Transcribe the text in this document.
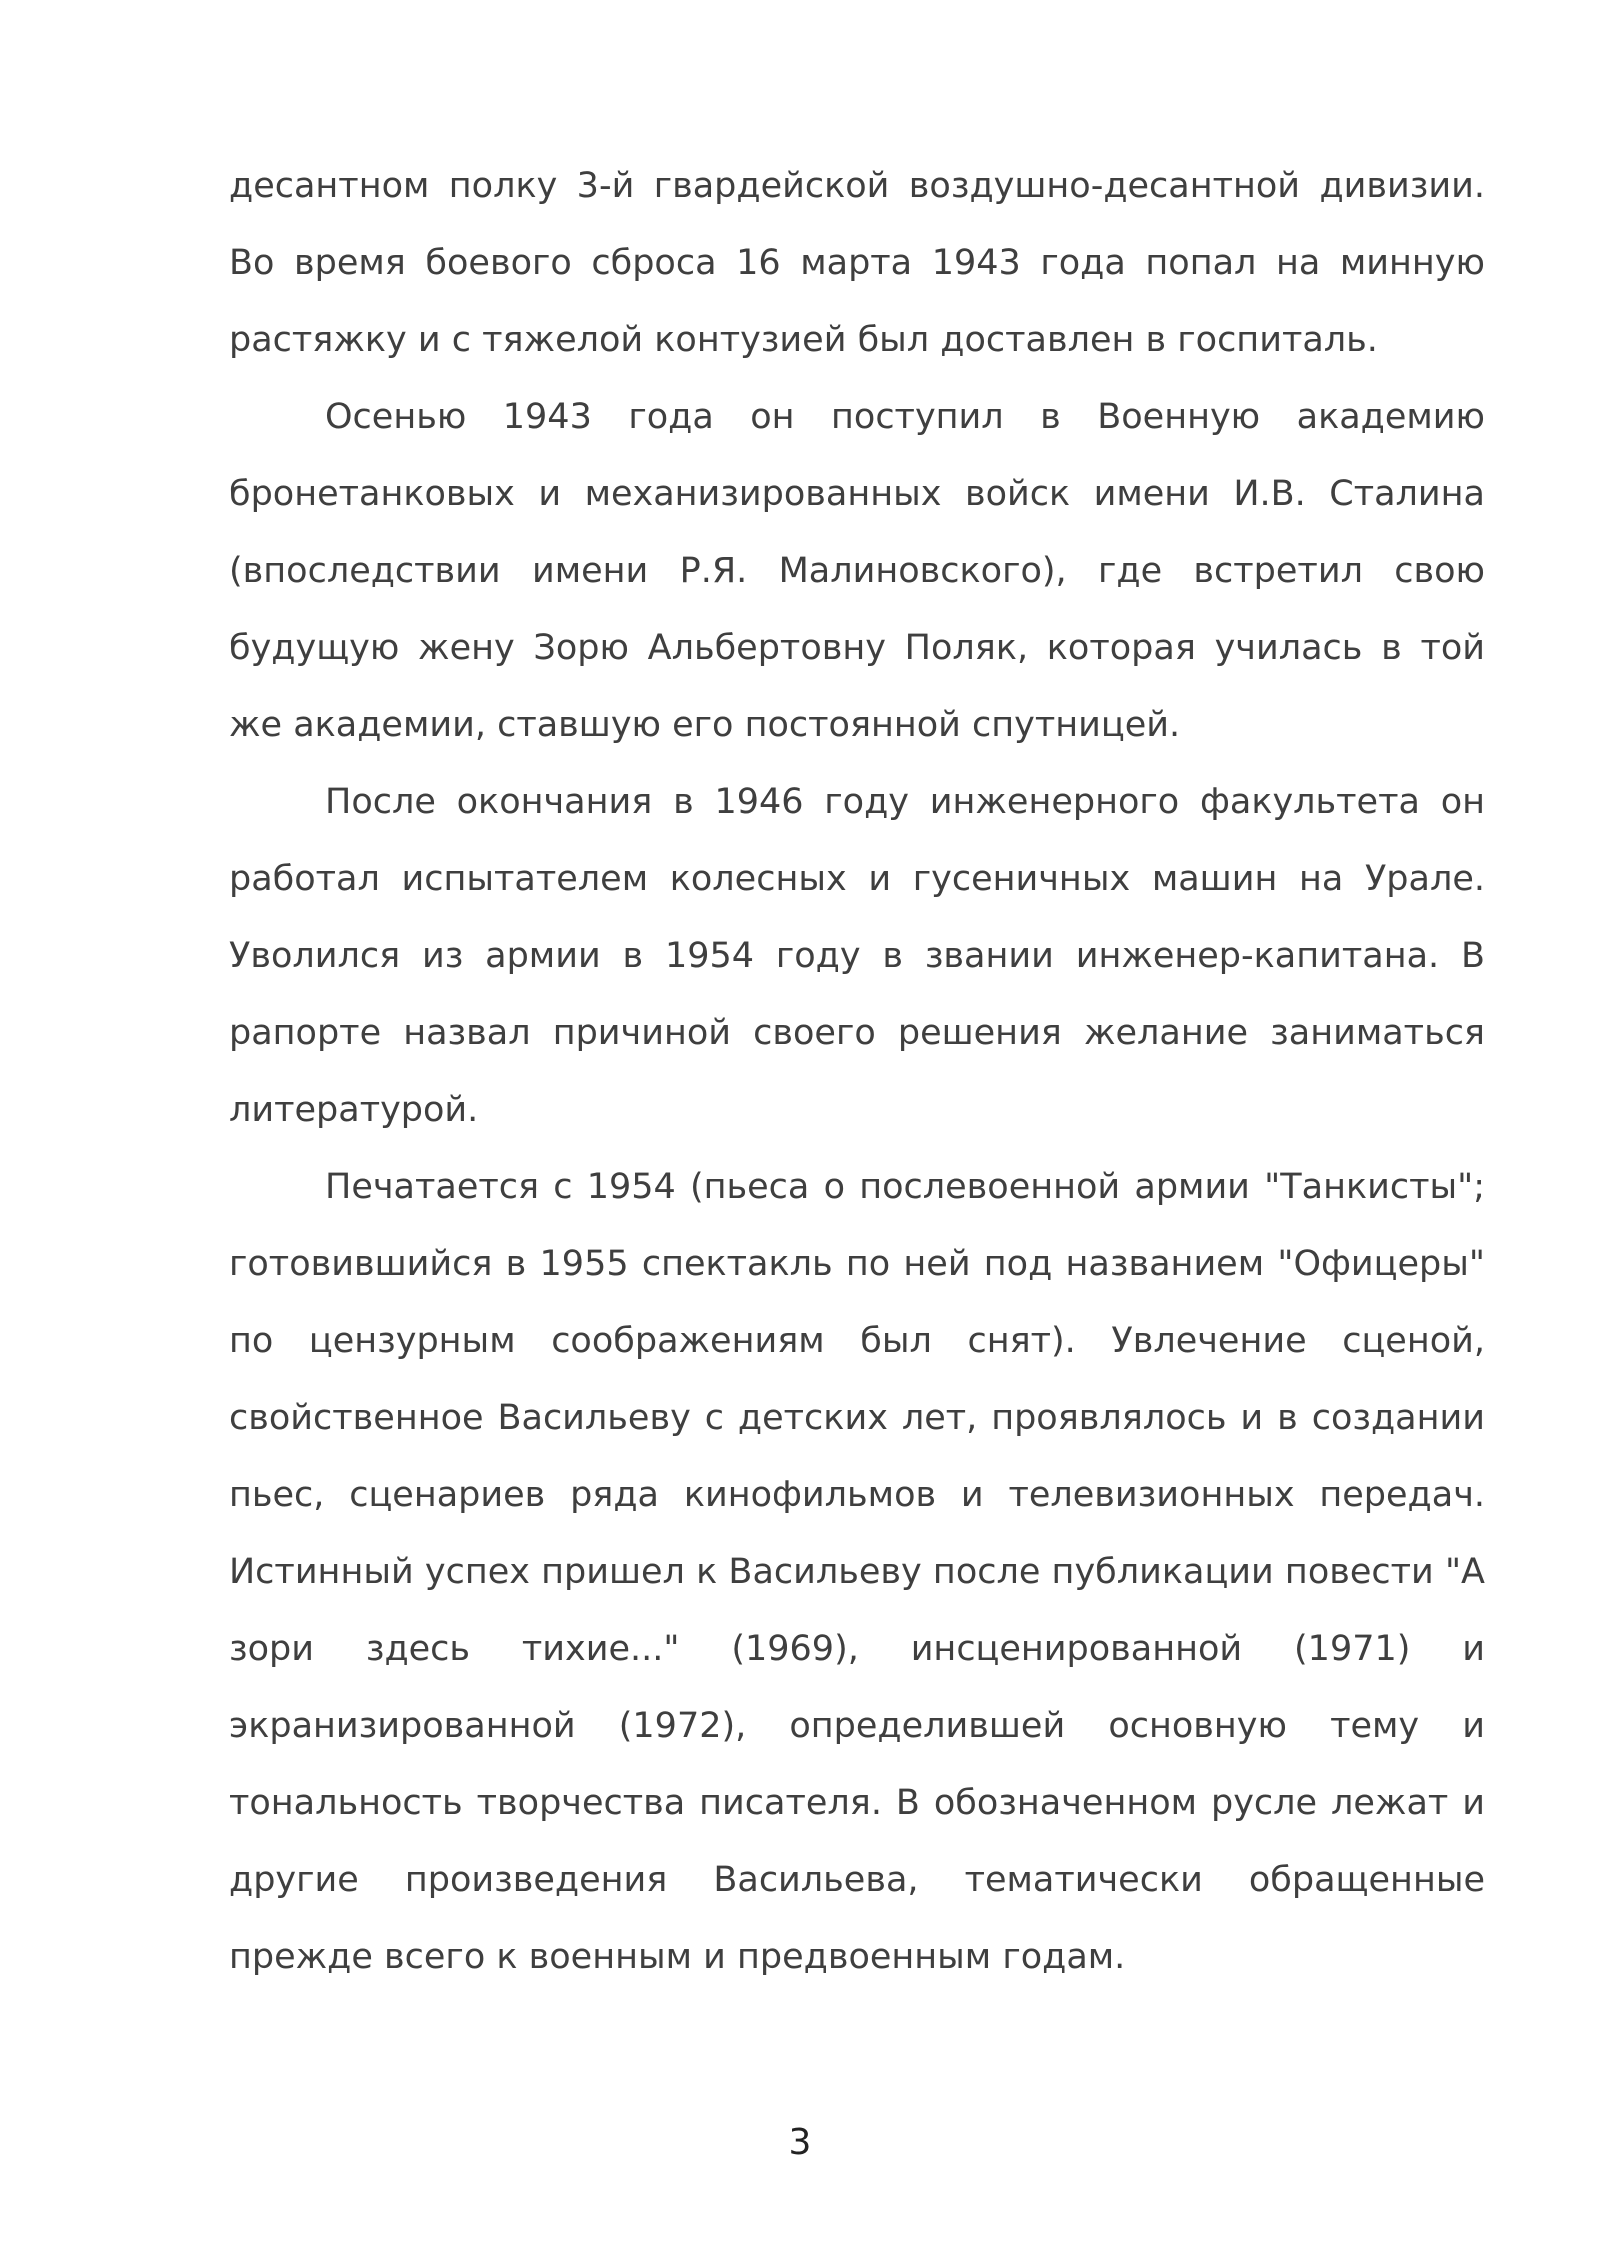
десантном полку 3-й гвардейской воздушно-десантной дивизии. Во время боевого сброса 16 марта 1943 года попал на минную растяжку и с тяжелой контузией был доставлен в госпиталь.

Осенью 1943 года он поступил в Военную академию бронетанковых и механизированных войск имени И.В. Сталина (впоследствии имени Р.Я. Малиновского), где встретил свою будущую жену Зорю Альбертовну Поляк, которая училась в той же академии, ставшую его постоянной спутницей.

После окончания в 1946 году инженерного факультета он работал испытателем колесных и гусеничных машин на Урале. Уволился из армии в 1954 году в звании инженер-капитана. В рапорте назвал причиной своего решения желание заниматься литературой.

Печатается с 1954 (пьеса о послевоенной армии "Танкисты"; готовившийся в 1955 спектакль по ней под названием "Офицеры" по цензурным соображениям был снят). Увлечение сценой, свойственное Васильеву с детских лет, проявлялось и в создании пьес, сценариев ряда кинофильмов и телевизионных передач. Истинный успех пришел к Васильеву после публикации повести "А зори здесь тихие..." (1969), инсценированной (1971) и экранизированной (1972), определившей основную тему и тональность творчества писателя. В обозначенном русле лежат и другие произведения Васильева, тематически обращенные прежде всего к военным и предвоенным годам.

3
